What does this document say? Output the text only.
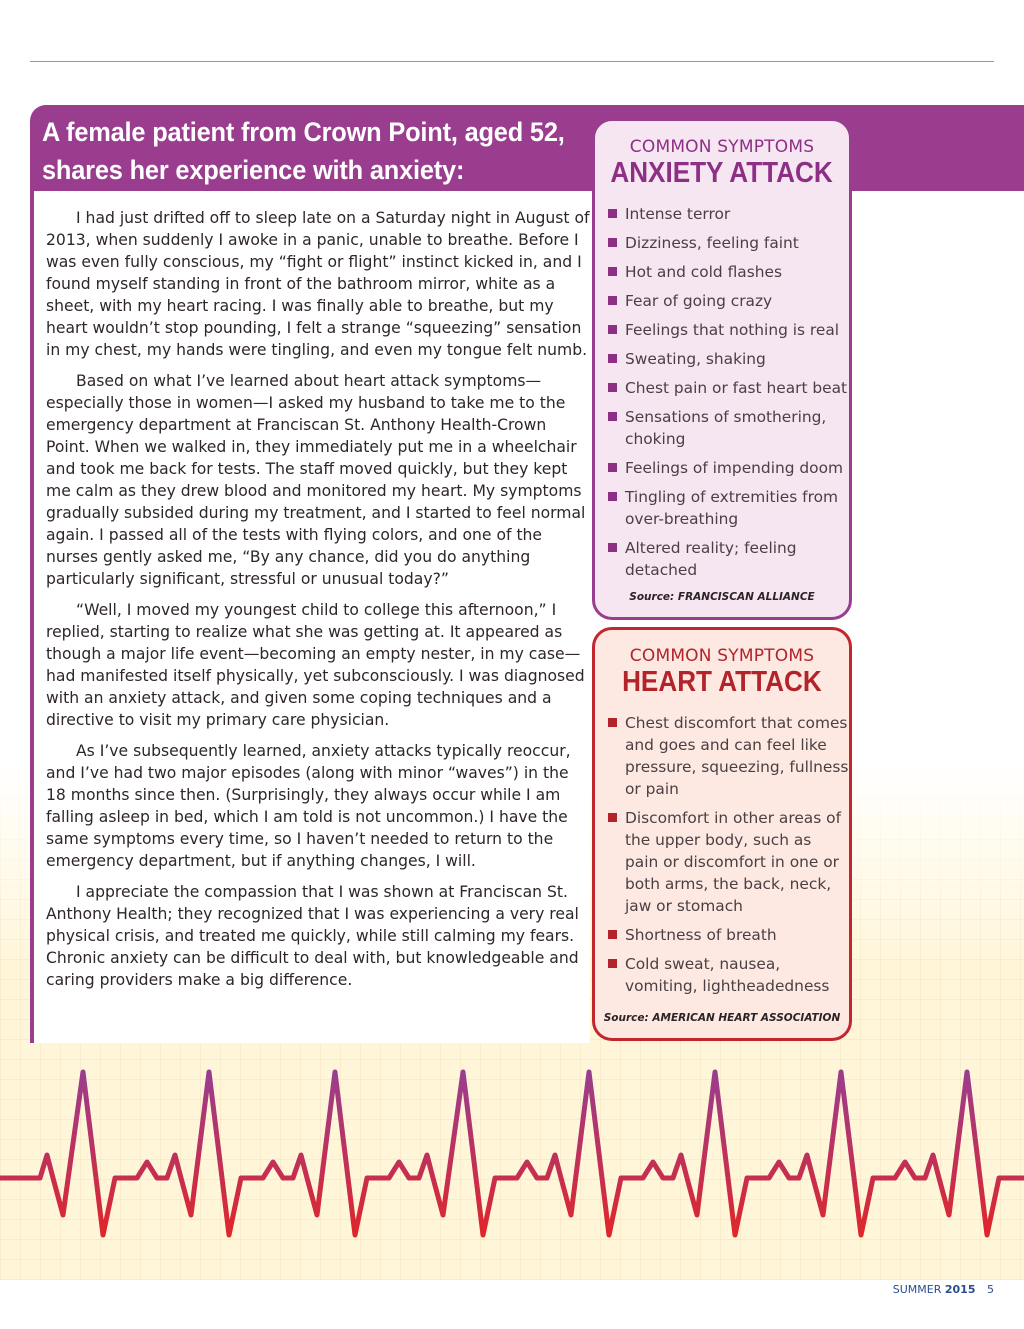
A female patient from Crown Point, aged 52,
shares her experience with anxiety:

I had just drifted off to sleep late on a Saturday night in August of 2013, when suddenly I awoke in a panic, unable to breathe. Before I was even fully conscious, my “fight or flight” instinct kicked in, and I found myself standing in front of the bathroom mirror, white as a sheet, with my heart racing. I was finally able to breathe, but my heart wouldn’t stop pounding, I felt a strange “squeezing” sensation in my chest, my hands were tingling, and even my tongue felt numb.

Based on what I’ve learned about heart attack symptoms—especially those in women—I asked my husband to take me to the emergency department at Franciscan St. Anthony Health-Crown Point. When we walked in, they immediately put me in a wheelchair and took me back for tests. The staff moved quickly, but they kept me calm as they drew blood and monitored my heart. My symptoms gradually subsided during my treatment, and I started to feel normal again. I passed all of the tests with flying colors, and one of the nurses gently asked me, “By any chance, did you do anything particularly significant, stressful or unusual today?”

“Well, I moved my youngest child to college this afternoon,” I replied, starting to realize what she was getting at. It appeared as though a major life event—becoming an empty nester, in my case—had manifested itself physically, yet subconsciously. I was diagnosed with an anxiety attack, and given some coping techniques and a directive to visit my primary care physician.

As I’ve subsequently learned, anxiety attacks typically reoccur, and I’ve had two major episodes (along with minor “waves”) in the 18 months since then. (Surprisingly, they always occur while I am falling asleep in bed, which I am told is not uncommon.) I have the same symptoms every time, so I haven’t needed to return to the emergency department, but if anything changes, I will.

I appreciate the compassion that I was shown at Franciscan St. Anthony Health; they recognized that I was experiencing a very real physical crisis, and treated me quickly, while still calming my fears. Chronic anxiety can be difficult to deal with, but knowledgeable and caring providers make a big difference.

COMMON SYMPTOMS
ANXIETY ATTACK
Intense terror
Dizziness, feeling faint
Hot and cold flashes
Fear of going crazy
Feelings that nothing is real
Sweating, shaking
Chest pain or fast heart beat
Sensations of smothering, choking
Feelings of impending doom
Tingling of extremities from over-breathing
Altered reality; feeling detached
Source: FRANCISCAN ALLIANCE
COMMON SYMPTOMS
HEART ATTACK
Chest discomfort that comes and goes and can feel like pressure, squeezing, fullness or pain
Discomfort in other areas of the upper body, such as pain or discomfort in one or both arms, the back, neck, jaw or stomach
Shortness of breath
Cold sweat, nausea, vomiting, lightheadedness
Source: AMERICAN HEART ASSOCIATION
SUMMER 2015 5
